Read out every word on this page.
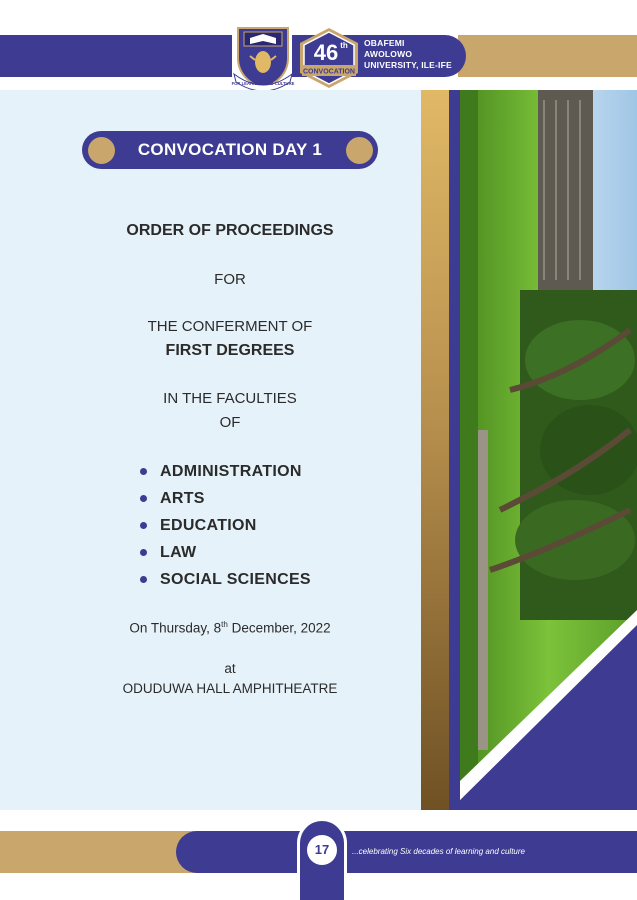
FOR LEARNING AND CULTURE
46 th
CONVOCATION
OBAFEMI
AWOLOWO
UNIVERSITY, ILE-IFE
CONVOCATION DAY 1
ORDER OF PROCEEDINGS
FOR
THE CONFERMENT OF
FIRST DEGREES
IN THE FACULTIES
OF
ADMINISTRATION
ARTS
EDUCATION
LAW
SOCIAL SCIENCES
On Thursday, 8th December, 2022
at
ODUDUWA HALL AMPHITHEATRE
17	...celebrating Six decades of learning and culture
